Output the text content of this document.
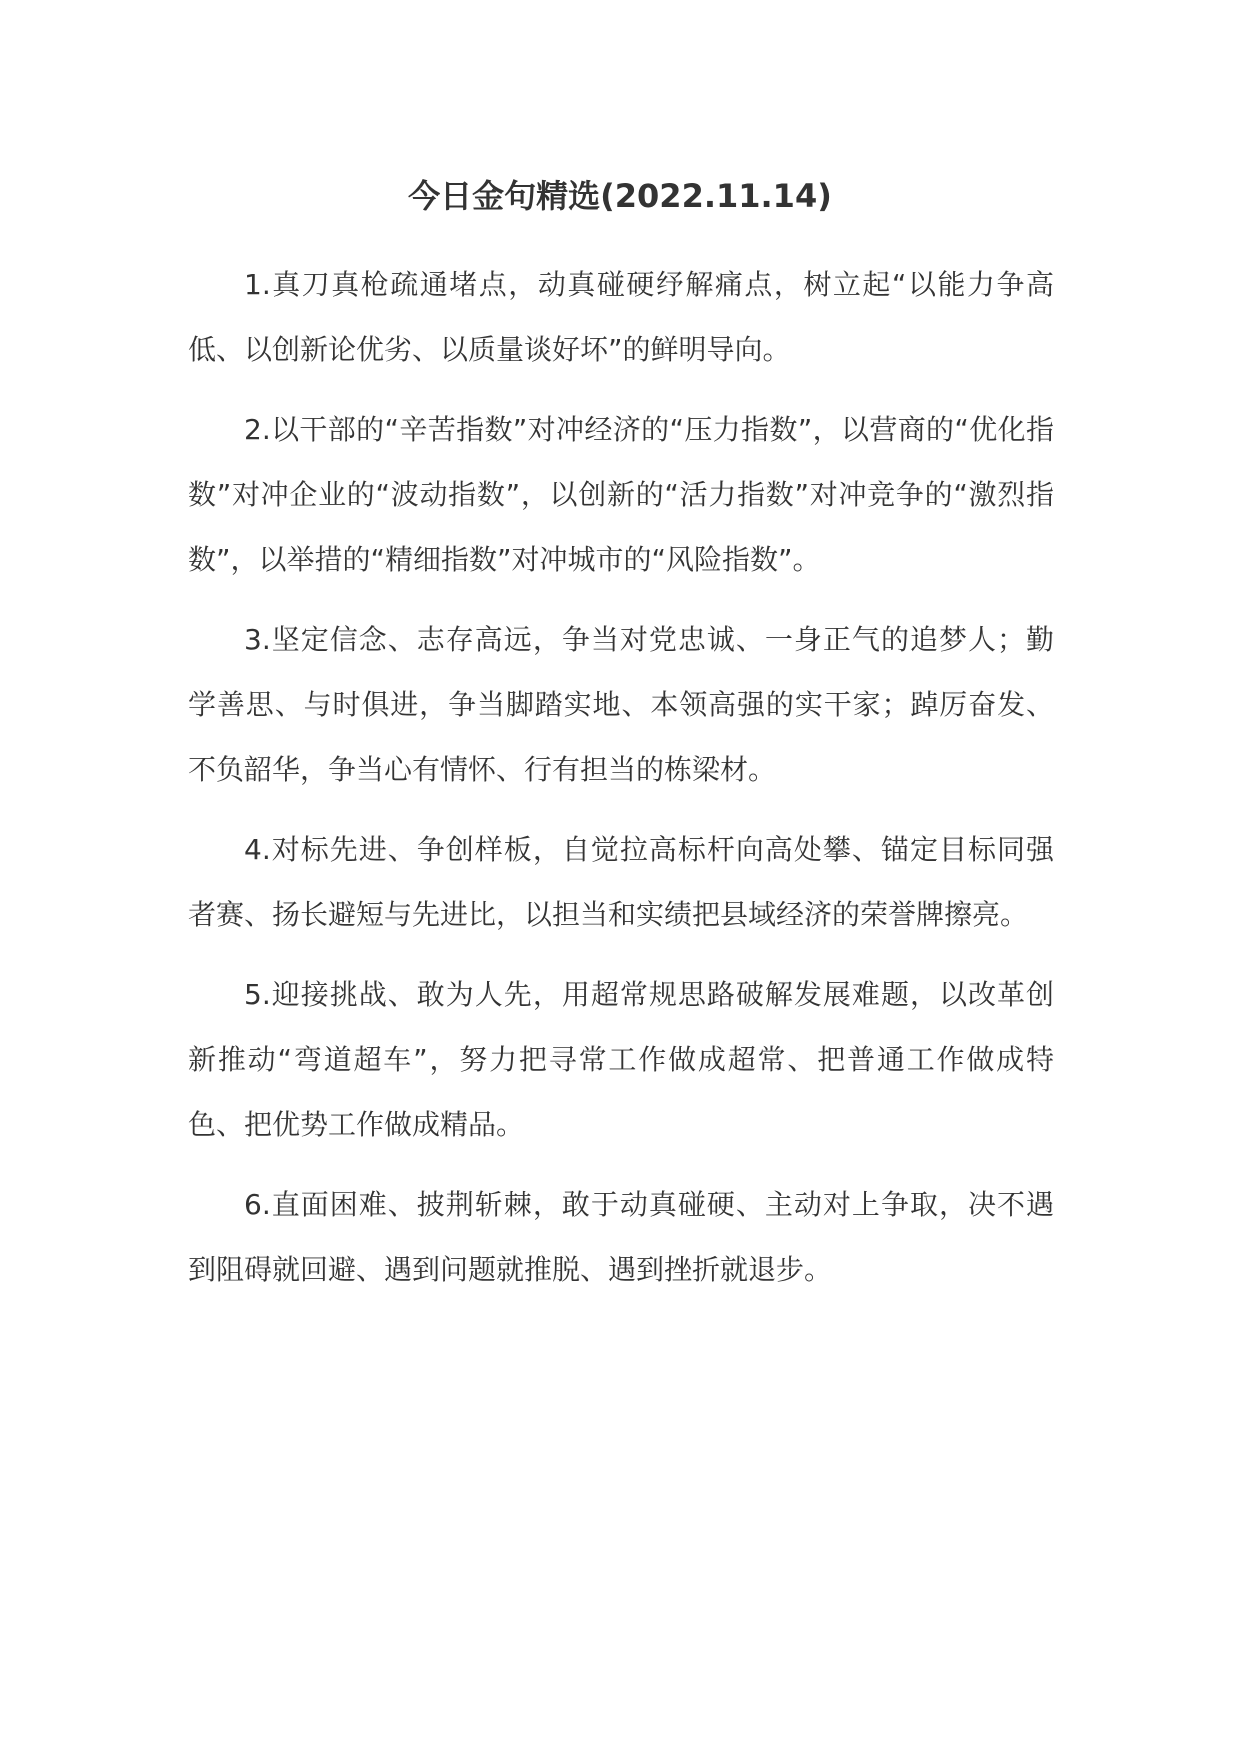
今日金句精选(2022.11.14)

1.真刀真枪疏通堵点，动真碰硬纾解痛点，树立起“以能力争高低、以创新论优劣、以质量谈好坏”的鲜明导向。

2.以干部的“辛苦指数”对冲经济的“压力指数”，以营商的“优化指数”对冲企业的“波动指数”，以创新的“活力指数”对冲竞争的“激烈指数”，以举措的“精细指数”对冲城市的“风险指数”。

3.坚定信念、志存高远，争当对党忠诚、一身正气的追梦人；勤学善思、与时俱进，争当脚踏实地、本领高强的实干家；踔厉奋发、不负韶华，争当心有情怀、行有担当的栋梁材。

4.对标先进、争创样板，自觉拉高标杆向高处攀、锚定目标同强者赛、扬长避短与先进比，以担当和实绩把县域经济的荣誉牌擦亮。

5.迎接挑战、敢为人先，用超常规思路破解发展难题，以改革创新推动“弯道超车”，努力把寻常工作做成超常、把普通工作做成特色、把优势工作做成精品。

6.直面困难、披荆斩棘，敢于动真碰硬、主动对上争取，决不遇到阻碍就回避、遇到问题就推脱、遇到挫折就退步。
